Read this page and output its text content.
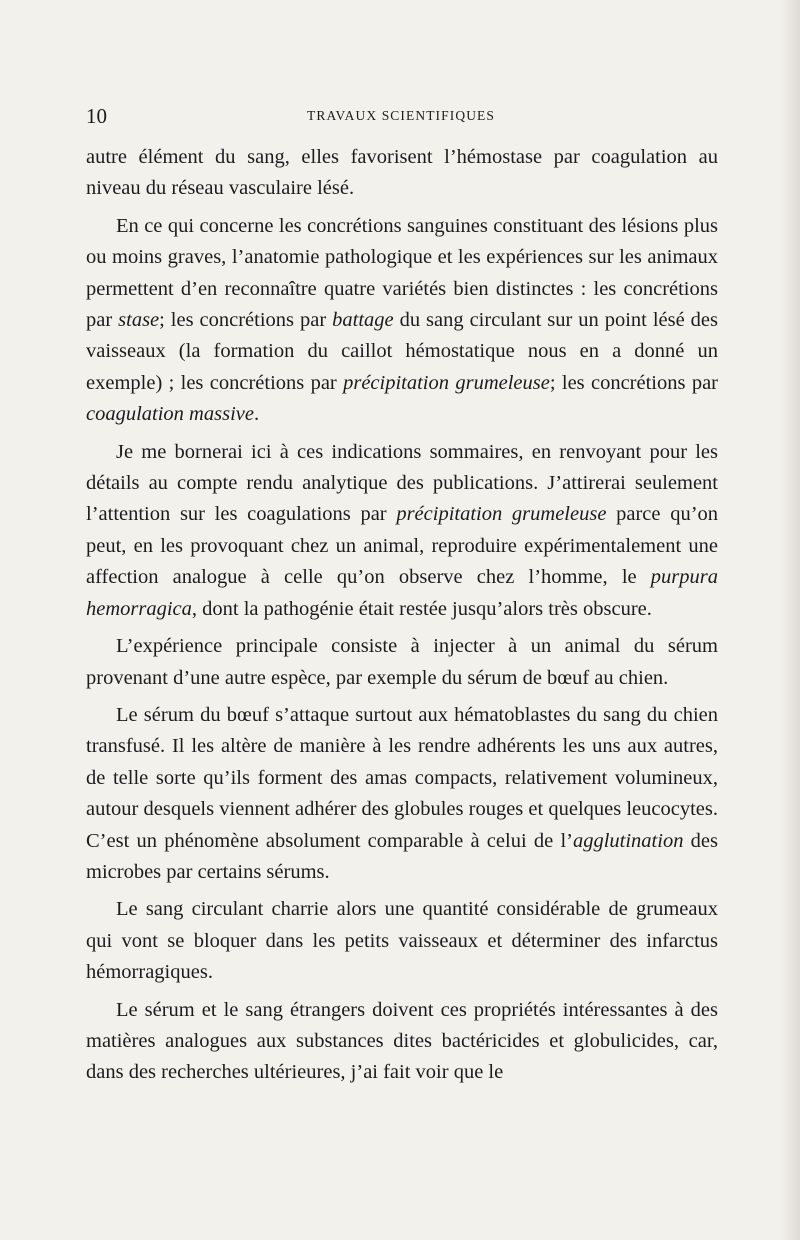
10	TRAVAUX SCIENTIFIQUES

autre élément du sang, elles favorisent l’hémostase par coagulation au niveau du réseau vasculaire lésé.

En ce qui concerne les concrétions sanguines constituant des lésions plus ou moins graves, l’anatomie pathologique et les expériences sur les animaux permettent d’en reconnaître quatre variétés bien distinctes : les concrétions par stase; les concrétions par battage du sang circulant sur un point lésé des vaisseaux (la formation du caillot hémostatique nous en a donné un exemple) ; les concrétions par précipitation grumeleuse; les concrétions par coagulation massive.

Je me bornerai ici à ces indications sommaires, en renvoyant pour les détails au compte rendu analytique des publications. J’attirerai seulement l’attention sur les coagulations par précipitation grumeleuse parce qu’on peut, en les provoquant chez un animal, reproduire expérimentalement une affection analogue à celle qu’on observe chez l’homme, le purpura hemorragica, dont la pathogénie était restée jusqu’alors très obscure.

L’expérience principale consiste à injecter à un animal du sérum provenant d’une autre espèce, par exemple du sérum de bœuf au chien.

Le sérum du bœuf s’attaque surtout aux hématoblastes du sang du chien transfusé. Il les altère de manière à les rendre adhérents les uns aux autres, de telle sorte qu’ils forment des amas compacts, relativement volumineux, autour desquels viennent adhérer des globules rouges et quelques leucocytes. C’est un phénomène absolument comparable à celui de l’agglutination des microbes par certains sérums.

Le sang circulant charrie alors une quantité considérable de grumeaux qui vont se bloquer dans les petits vaisseaux et déterminer des infarctus hémorragiques.

Le sérum et le sang étrangers doivent ces propriétés intéressantes à des matières analogues aux substances dites bactéricides et globulicides, car, dans des recherches ultérieures, j’ai fait voir que le
